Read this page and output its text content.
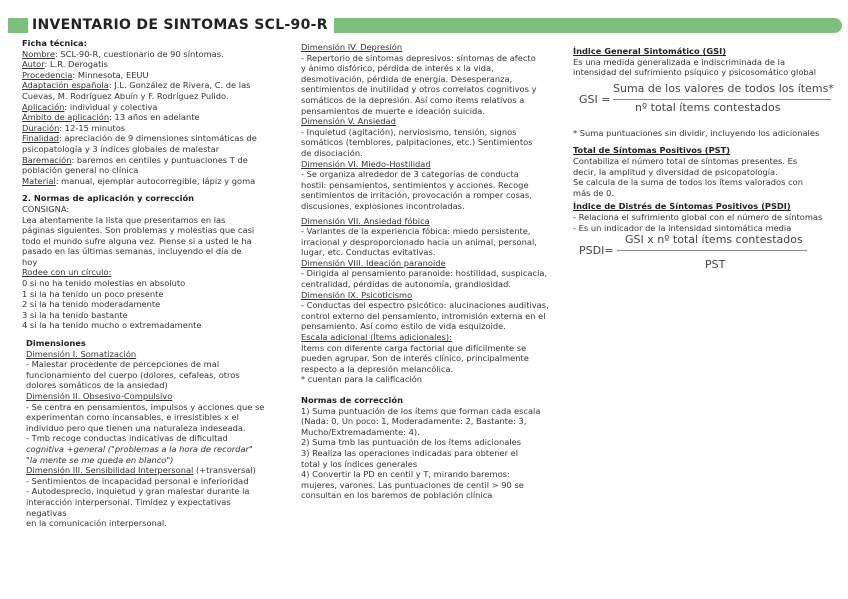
INVENTARIO DE SINTOMAS SCL-90-R

Ficha técnica:

Nombre: SCL-90-R, cuestionario de 90 síntomas.

Autor: L.R. Derogatis

Procedencia: Minnesota, EEUU

Adaptación española: J.L. González de Rivera, C. de las

Cuevas, M. Rodríguez Abuín y F. Rodríguez Pulido.

Aplicación: individual y colectiva

Ámbito de aplicación: 13 años en adelante

Duración: 12-15 minutos

Finalidad: apreciación de 9 dimensiones sintomáticas de

psicopatología y 3 índices globales de malestar

Baremación: baremos en centiles y puntuaciones T de

población general no clínica

Material: manual, ejemplar autocorregible, lápiz y goma

2. Normas de aplicación y corrección

CONSIGNA:

Lea atentamente la lista que presentamos en las

páginas siguientes. Son problemas y molestias que casi

todo el mundo sufre alguna vez. Piense si a usted le ha

pasado en las últimas semanas, incluyendo el día de

hoy

Rodee con un círculo:

0 si no ha tenido molestias en absoluto

1 si la ha tenido un poco presente

2 si la ha tenido moderadamente

3 si la ha tenido bastante

4 si la ha tenido mucho o extremadamente

Dimensiones

Dimensión I. Somatización

- Malestar procedente de percepciones de mal

funcionamiento del cuerpo (dolores, cefaleas, otros

dolores somáticos de la ansiedad)

Dimensión II. Obsesivo-Compulsivo

- Se centra en pensamientos, impulsos y acciones que se

experimentan como incansables, e irresistibles x el

individuo pero que tienen una naturaleza indeseada.

- Tmb recoge conductas indicativas de dificultad

cognitiva +general ("problemas a la hora de recordar"

"la mente se me queda en blanco")

Dimensión III. Sensibilidad Interpersonal (+transversal)

- Sentimientos de incapacidad personal e inferioridad

- Autodesprecio, inquietud y gran malestar durante la

interacción interpersonal. Timidez y expectativas negativas

en la comunicación interpersonal.

Dimensión IV. Depresión

- Repertorio de síntomas depresivos: síntomas de afecto

y ánimo disfórico, pérdida de interés x la vida,

desmotivación, pérdida de energía. Desesperanza,

sentimientos de inutilidad y otros correlatos cognitivos y

somáticos de la depresión. Así como ítems relativos a

pensamientos de muerte e ideación suicida.

Dimensión V. Ansiedad

- Inquietud (agitación), nerviosismo, tensión, signos

somáticos (temblores, palpitaciones, etc.) Sentimientos

de disociación.

Dimensión VI. Miedo-Hostilidad

- Se organiza alrededor de 3 categorías de conducta

hostil: pensamientos, sentimientos y acciones. Recoge

sentimientos de irritación, provocación a romper cosas,

discusiones, explosiones incontroladas.

Dimensión VII. Ansiedad fóbica

- Variantes de la experiencia fóbica: miedo persistente,

irracional y desproporcionado hacia un animal, personal,

lugar, etc. Conductas evitativas.

Dimensión VIII. Ideación paranoide

- Dirigida al pensamiento paranoide: hostilidad, suspicacia,

centralidad, pérdidas de autonomía, grandiosidad.

Dimensión IX. Psicoticismo

- Conductas del espectro psicótico: alucinaciones auditivas,

control externo del pensamiento, intromisión externa en el

pensamiento. Así como estilo de vida esquizoide.

Escala adicional (Ítems adicionales):

Ítems con diferente carga factorial que difícilmente se

pueden agrupar. Son de interés clínico, principalmente

respecto a la depresión melancólica.

* cuentan para la calificación

Normas de corrección

1) Suma puntuación de los ítems que forman cada escala

(Nada: 0, Un poco: 1, Moderadamente: 2, Bastante: 3,

Mucho/Extremadamente: 4).

2) Suma tmb las puntuación de los ítems adicionales

3) Realiza las operaciones indicadas para obtener el

total y los índices generales

4) Convertir la PD en centil y T, mirando baremos:

mujeres, varones. Las puntuaciones de centil > 90 se

consultan en los baremos de población clínica

Índice General Sintomático (GSI)

Es una medida generalizada e indiscriminada de la

intensidad del sufrimiento psíquico y psicosomático global

GSI =
Suma de los valores de todos los ítems*
nº total ítems contestados

* Suma puntuaciones sin dividir, incluyendo los adicionales

Total de Síntomas Positivos (PST)

Contabiliza el número total de síntomas presentes. Es

decir, la amplitud y diversidad de psicopatología.

Se calcula de la suma de todos los ítems valorados con

más de 0.

Índice de Distrés de Síntomas Positivos (PSDI)

- Relaciona el sufrimiento global con el número de síntomas

- Es un indicador de la intensidad sintomática media

PSDI=
GSI x nº total ítems contestados
PST
